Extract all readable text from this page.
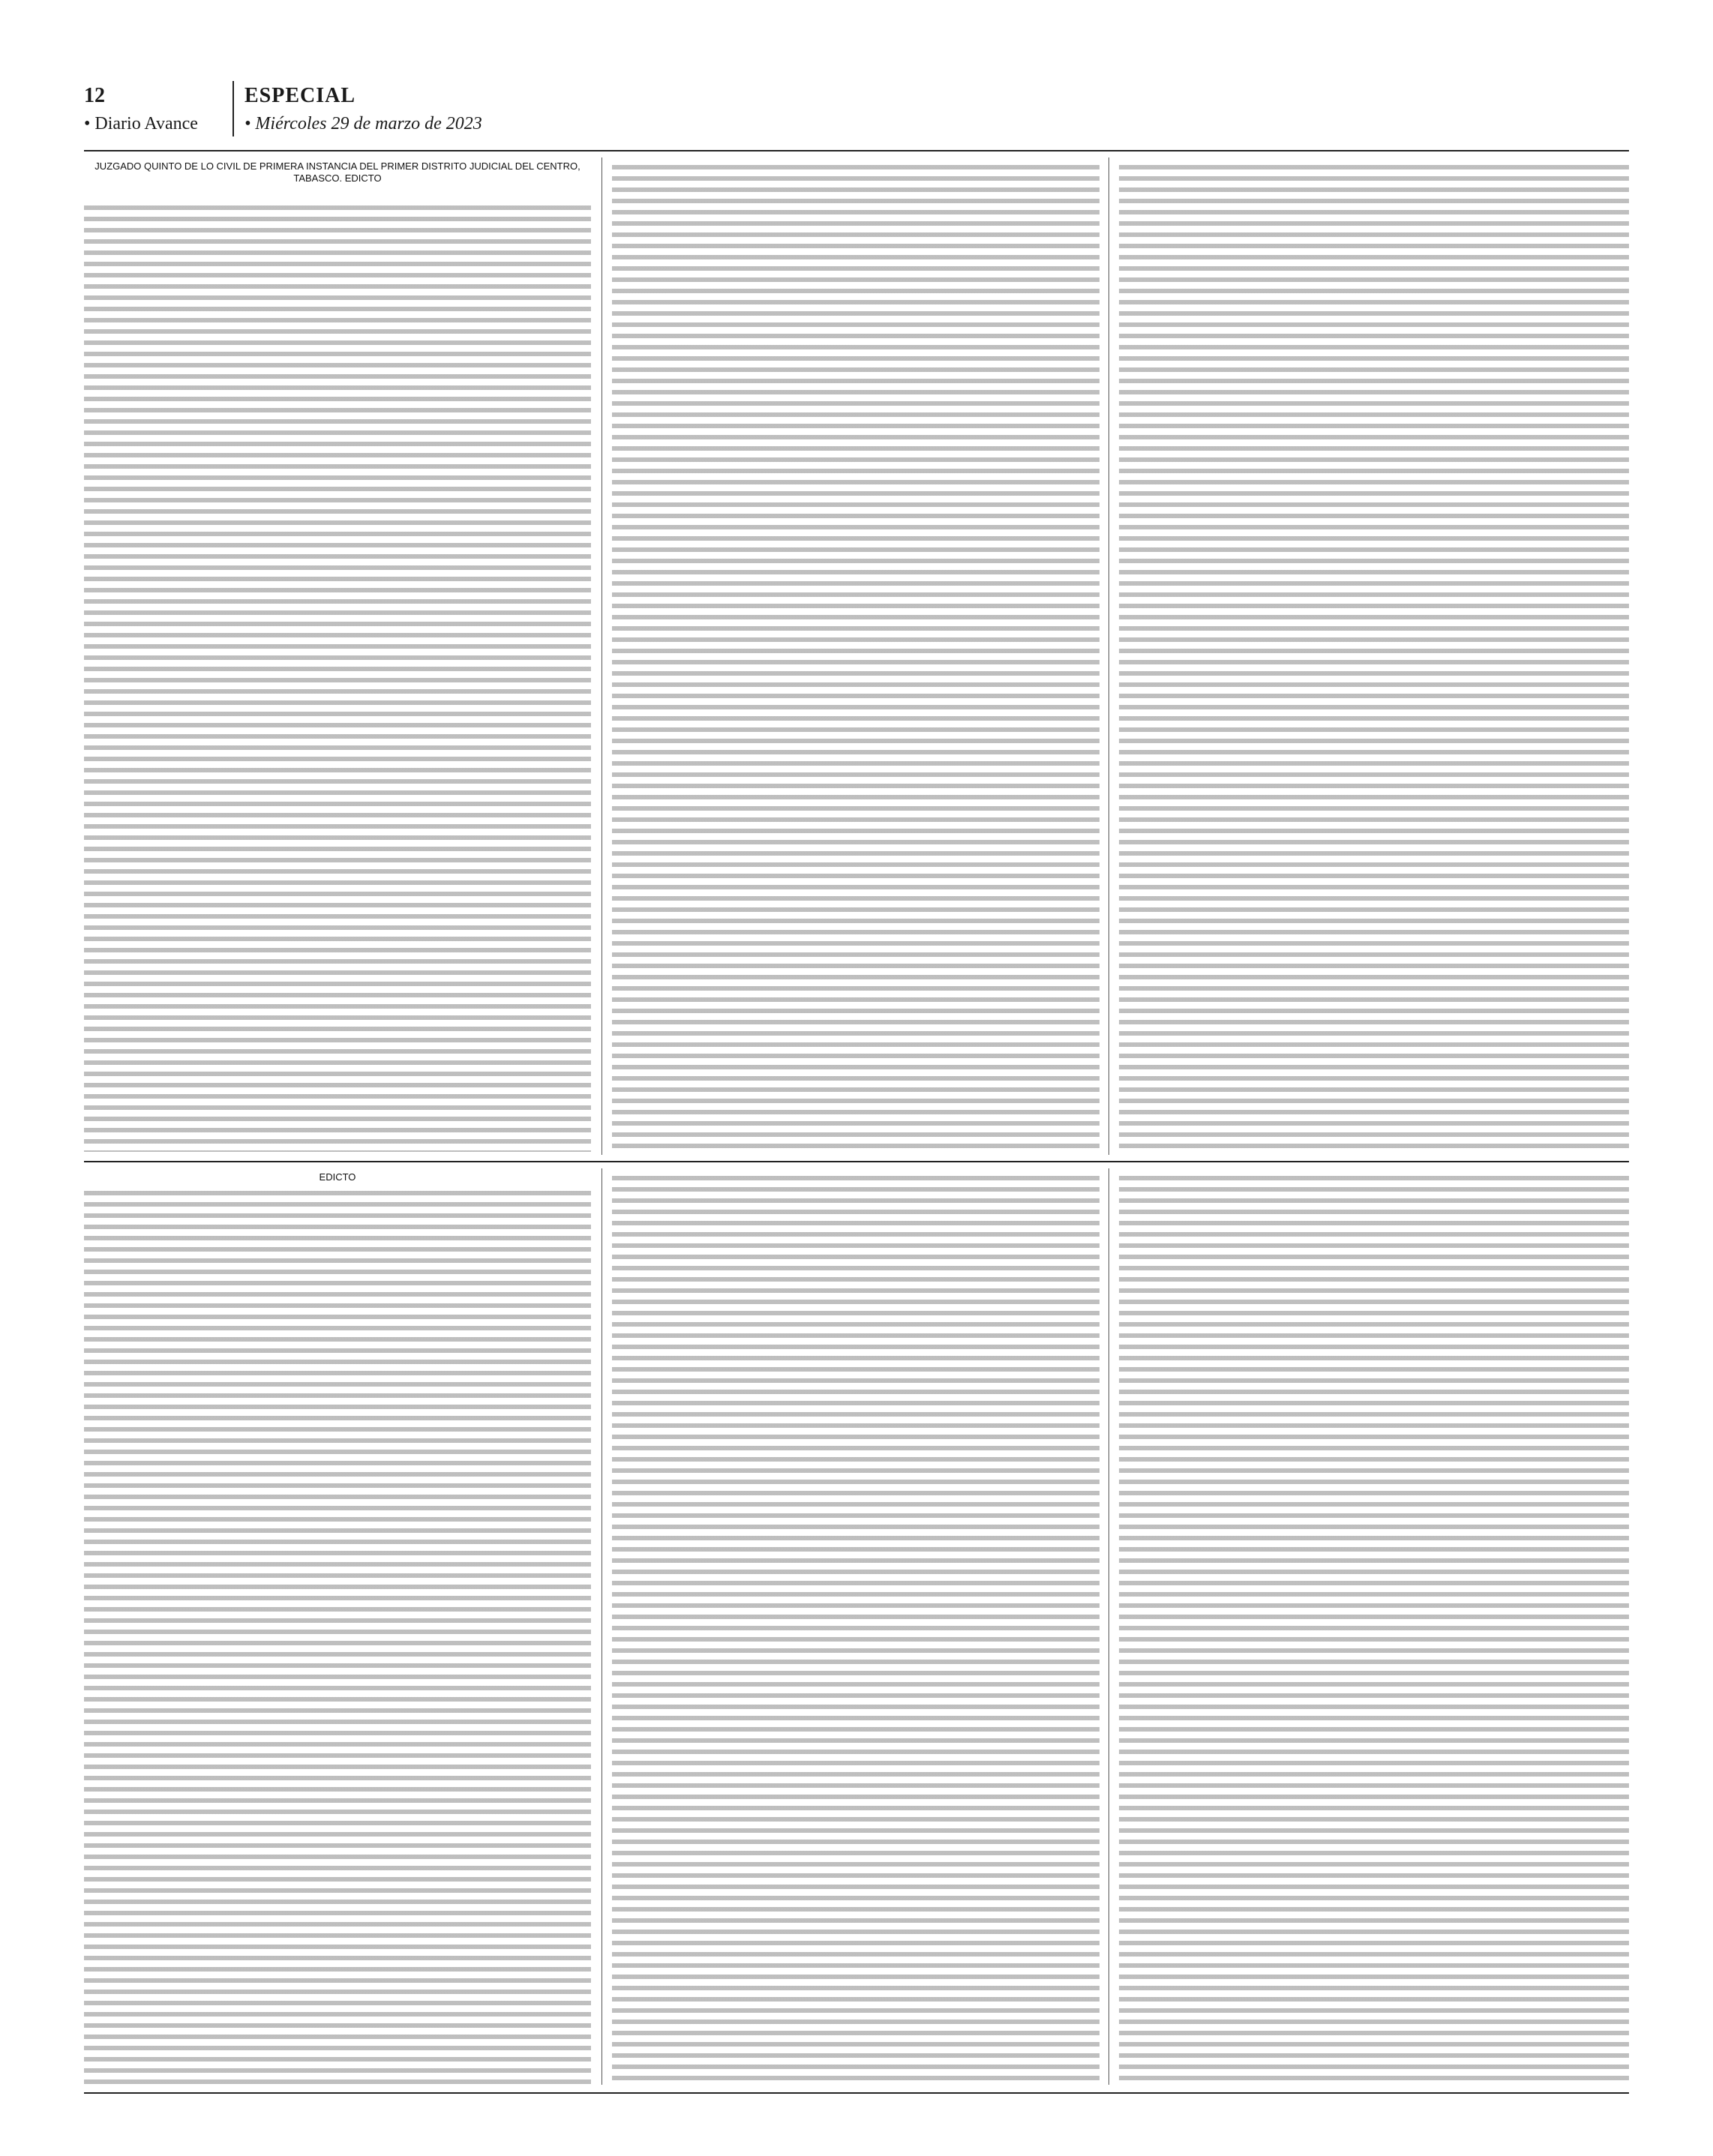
12
• Diario Avance
ESPECIAL
• Miércoles 29 de marzo de 2023
JUZGADO QUINTO DE LO CIVIL DE PRIMERA INSTANCIA DEL PRIMER DISTRITO JUDICIAL DEL CENTRO, TABASCO. EDICTO
EDICTO
